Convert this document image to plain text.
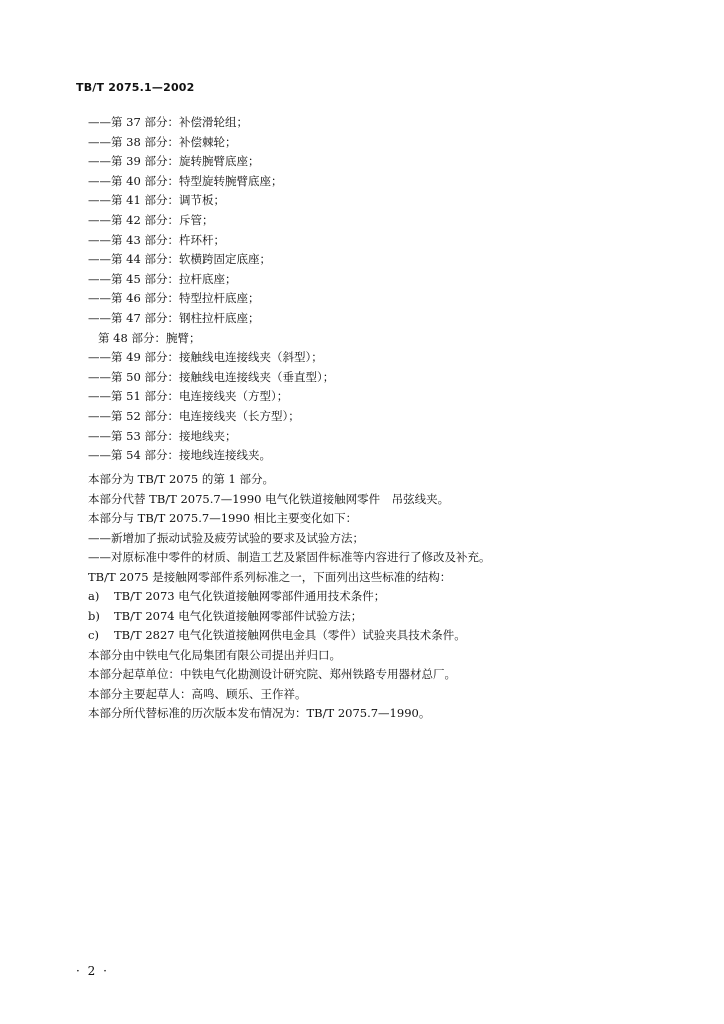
TB/T 2075.1—2002
——第 37 部分：补偿滑轮组；
——第 38 部分：补偿棘轮；
——第 39 部分：旋转腕臂底座；
——第 40 部分：特型旋转腕臂底座；
——第 41 部分：调节板；
——第 42 部分：斥管；
——第 43 部分：杵环杆；
——第 44 部分：软横跨固定底座；
——第 45 部分：拉杆底座；
——第 46 部分：特型拉杆底座；
——第 47 部分：钢柱拉杆底座；
第 48 部分：腕臂；
——第 49 部分：接触线电连接线夹（斜型）；
——第 50 部分：接触线电连接线夹（垂直型）；
——第 51 部分：电连接线夹（方型）；
——第 52 部分：电连接线夹（长方型）；
——第 53 部分：接地线夹；
——第 54 部分：接地线连接线夹。

本部分为 TB/T 2075 的第 1 部分。

本部分代替 TB/T 2075.7—1990 电气化铁道接触网零件　吊弦线夹。

本部分与 TB/T 2075.7—1990 相比主要变化如下：

——新增加了振动试验及疲劳试验的要求及试验方法；

——对原标准中零件的材质、制造工艺及紧固件标准等内容进行了修改及补充。

TB/T 2075 是接触网零部件系列标准之一，下面列出这些标准的结构：

a) TB/T 2073 电气化铁道接触网零部件通用技术条件；

b) TB/T 2074 电气化铁道接触网零部件试验方法；

c) TB/T 2827 电气化铁道接触网供电金具（零件）试验夹具技术条件。

本部分由中铁电气化局集团有限公司提出并归口。

本部分起草单位：中铁电气化勘测设计研究院、郑州铁路专用器材总厂。

本部分主要起草人：高鸣、顾乐、王作祥。

本部分所代替标准的历次版本发布情况为：TB/T 2075.7—1990。

· 2 ·
